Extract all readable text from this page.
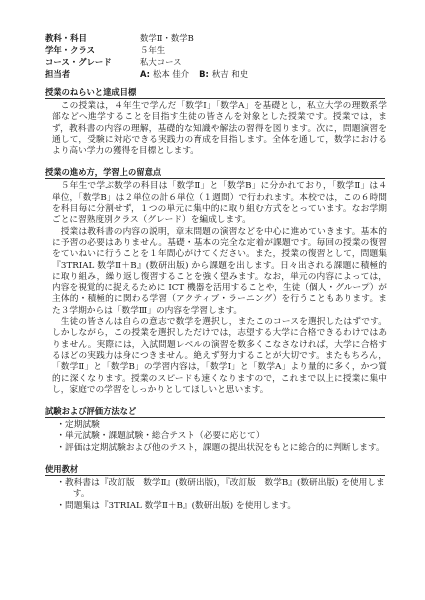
教科・科目	数学Ⅱ・数学B
学年・クラス	５年生
コース・グレード	私大コース
担当者	A: 松本 佳介 B: 秋吉 和史
授業のねらいと達成目標

この授業は，４年生で学んだ「数学Ⅰ」「数学A」を基礎とし，私立大学の理数系学部などへ進学することを目指す生徒の皆さんを対象とした授業です。授業では，まず，教科書の内容の理解，基礎的な知識や解法の習得を図ります。次に，問題演習を通して，受験に対応できる実践力の育成を目指します。全体を通して，数学におけるより高い学力の獲得を目標とします。

授業の進め方，学習上の留意点

５年生で学ぶ数学の科目は「数学Ⅱ」と「数学B」に分かれており，「数学Ⅱ」は４単位，「数学B」は２単位の計６単位（１週間）で行われます。本校では，この６時間を科目毎に分割せず，１つの単元に集中的に取り組む方式をとっています。なお学期ごとに習熟度別クラス（グレード）を編成します。

授業は教科書の内容の説明，章末問題の演習などを中心に進めていきます。基本的に予習の必要はありません。基礎・基本の完全な定着が課題です。毎回の授業の復習をていねいに行うことを１年間心がけてください。また，授業の復習として，問題集『3TRIAL 数学Ⅱ＋B』(数研出版) から課題を出します。日々出される課題に積極的に取り組み，繰り返し復習することを強く望みます。なお，単元の内容によっては，内容を視覚的に捉えるために ICT 機器を活用することや，生徒（個人・グループ）が主体的・積極的に関わる学習（アクティブ・ラーニング）を行うこともあります。また３学期からは「数学Ⅲ」の内容を学習します。

生徒の皆さんは自らの意志で数学を選択し，またこのコースを選択したはずです。しかしながら，この授業を選択しただけでは，志望する大学に合格できるわけではありません。実際には，入試問題レベルの演習を数多くこなさなければ，大学に合格するほどの実践力は身につきません。絶えず努力することが大切です。またもちろん，「数学Ⅱ」と「数学B」の学習内容は，「数学Ⅰ」と「数学A」より量的に多く，かつ質的に深くなります。授業のスピードも速くなりますので，これまで以上に授業に集中し，家庭での学習をしっかりとしてほしいと思います。

試験および評価方法など
・定期試験
・単元試験・課題試験・総合テスト（必要に応じて）
・評価は定期試験および他のテスト，課題の提出状況をもとに総合的に判断します。
使用教材
・教科書は『改訂版　数学Ⅱ』(数研出版)，『改訂版　数学B』(数研出版) を使用します。
・問題集は『3TRIAL 数学Ⅱ＋B』(数研出版) を使用します。
